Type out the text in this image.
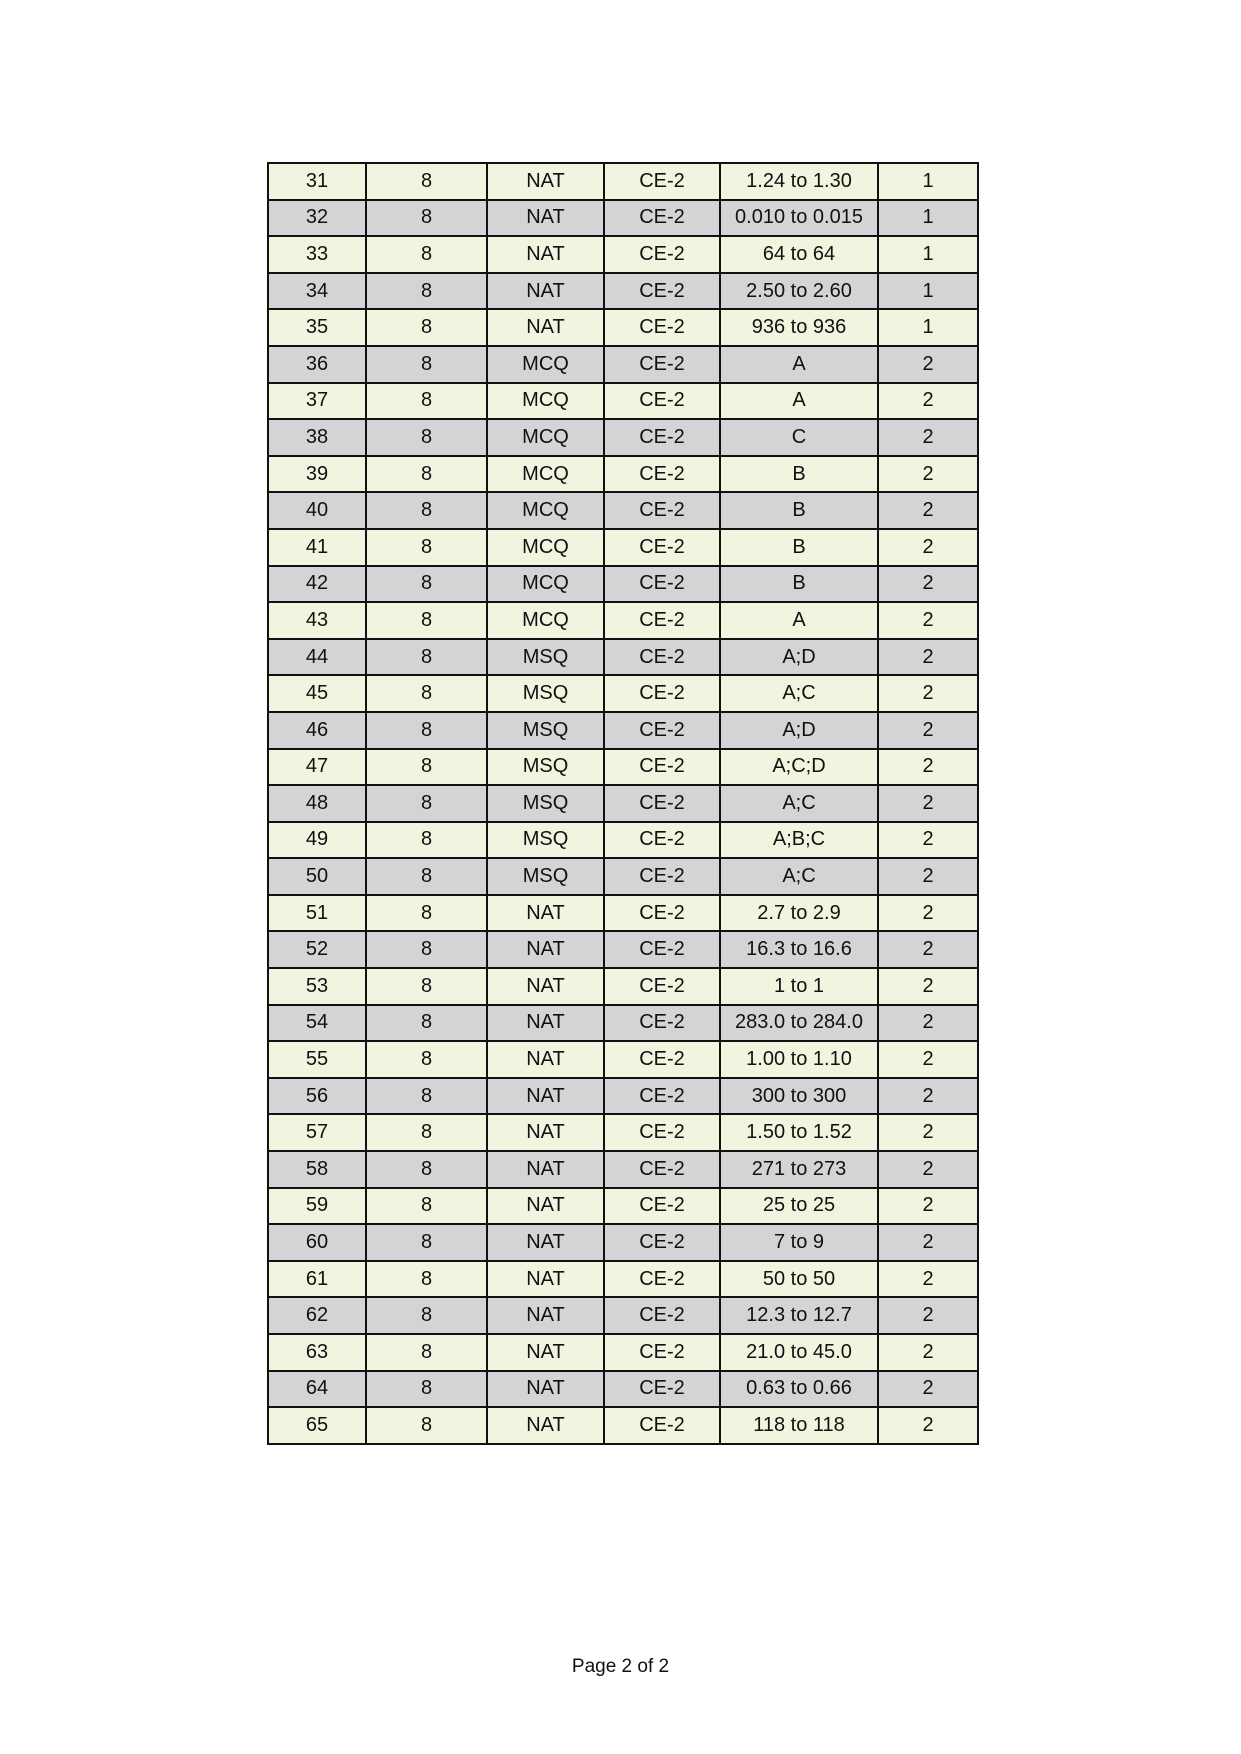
31	8	NAT	CE-2	1.24 to 1.30	1
32	8	NAT	CE-2	0.010 to 0.015	1
33	8	NAT	CE-2	64 to 64	1
34	8	NAT	CE-2	2.50 to 2.60	1
35	8	NAT	CE-2	936 to 936	1
36	8	MCQ	CE-2	A	2
37	8	MCQ	CE-2	A	2
38	8	MCQ	CE-2	C	2
39	8	MCQ	CE-2	B	2
40	8	MCQ	CE-2	B	2
41	8	MCQ	CE-2	B	2
42	8	MCQ	CE-2	B	2
43	8	MCQ	CE-2	A	2
44	8	MSQ	CE-2	A;D	2
45	8	MSQ	CE-2	A;C	2
46	8	MSQ	CE-2	A;D	2
47	8	MSQ	CE-2	A;C;D	2
48	8	MSQ	CE-2	A;C	2
49	8	MSQ	CE-2	A;B;C	2
50	8	MSQ	CE-2	A;C	2
51	8	NAT	CE-2	2.7 to 2.9	2
52	8	NAT	CE-2	16.3 to 16.6	2
53	8	NAT	CE-2	1 to 1	2
54	8	NAT	CE-2	283.0 to 284.0	2
55	8	NAT	CE-2	1.00 to 1.10	2
56	8	NAT	CE-2	300 to 300	2
57	8	NAT	CE-2	1.50 to 1.52	2
58	8	NAT	CE-2	271 to 273	2
59	8	NAT	CE-2	25 to 25	2
60	8	NAT	CE-2	7 to 9	2
61	8	NAT	CE-2	50 to 50	2
62	8	NAT	CE-2	12.3 to 12.7	2
63	8	NAT	CE-2	21.0 to 45.0	2
64	8	NAT	CE-2	0.63 to 0.66	2
65	8	NAT	CE-2	118 to 118	2
Page 2 of 2
